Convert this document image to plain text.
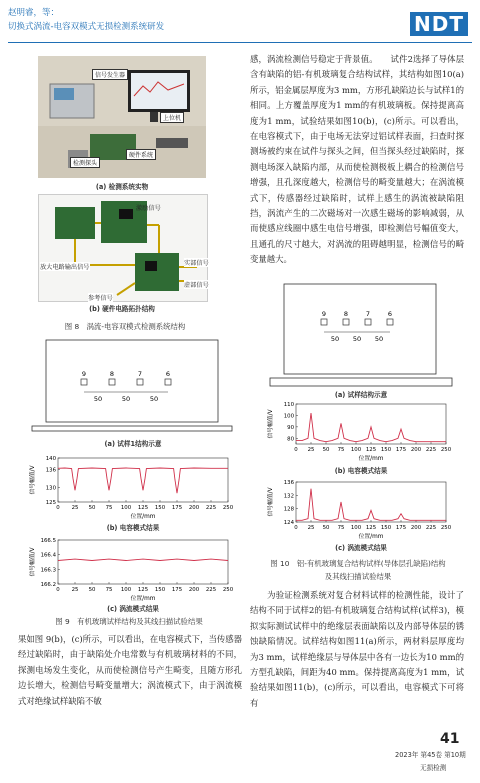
赵明睿，等：
切换式涡流-电容双模式无损检测系统研发	NDT
信号发生器
上位机
硬件系统
检测探头
(a) 检测系统实物
激励信号
放大电路输出信号
参考信号
实部信号
虚部信号
(b) 硬件电路拓扑结构
图 8　涡流-电容双模式检测系统结构
9	8	7	6
50	50	50
(a) 试样1结构示意
0 25 50 75 100 125 150 175 200 225 250
125
130
136
140
位置/mm
信号幅值/V
(b) 电容模式结果
0 25 50 75 100 125 150 175 200 225 250
166.2
166.3
166.4
166.5
位置/mm
信号幅值/V
(c) 涡流模式结果
图 9　有机玻璃试样结构及其线扫描试验结果
果如图 9(b)，(c)所示，可以看出，在电容模式下，当传感器经过缺陷时，由于缺陷处介电常数与有机玻璃材料的不同，探测电场发生变化，从而使检测信号产生畸变，且随方形孔边长增大，检测信号畸变量增大；涡流模式下，由于涡流模式对绝缘试样缺陷不敏
感，涡流检测信号稳定于背景值。　　试件2选择了导体层含有缺陷的铝-有机玻璃复合结构试样，其结构如图10(a)所示，铝金属层厚度为3 mm，方形孔缺陷边长与试样1的相同。上方覆盖厚度为1 mm的有机玻璃板。保持提离高度为1 mm，试验结果如图10(b)，(c)所示。可以看出，在电容模式下，由于电场无法穿过铝试样表面，扫查时探测场被约束在试件与探头之间，但当探头经过缺陷时，探测电场深入缺陷内部，从而使检测极板上耦合的检测信号增强，且孔深度越大，检测信号的畸变量越大；在涡流模式下，传感器经过缺陷时，试样上感生的涡流被缺陷阻挡，涡流产生的二次磁场对一次感生磁场的影响减弱，从而使感应线圈中感生电信号增强，即检测信号幅值变大，且通孔的尺寸越大，对涡流的阻碍越明显，检测信号的畸变量越大。
9	8	7	6
50 50 50
(a) 试样结构示意
0 25 50 75 100 125 150 175 200 225 250
80
90
100
110
位置/mm
信号幅值/V
(b) 电容模式结果
0 25 50 75 100 125 150 175 200 225 250
124
128
132
136
位置/mm
信号幅值/V
(c) 涡流模式结果
图 10　铝-有机玻璃复合结构试样(导体层孔缺陷)结构
及其线扫描试验结果
　　为验证检测系统对复合材料试样的检测性能，设计了结构不同于试样2的铝-有机玻璃复合结构试样(试样3)，模拟实际测试试样中的绝缘层表面缺陷以及内部导体层的锈蚀缺陷情况。试样结构如图11(a)所示，两材料层厚度均为3 mm，试样绝缘层与导体层中各有一边长为10 mm的方型孔缺陷，间距为40 mm。保持提离高度为1 mm，试验结果如图11(b)，(c)所示，可以看出，电容模式下可将有
41
2023年 第45卷 第10期
无损检测
